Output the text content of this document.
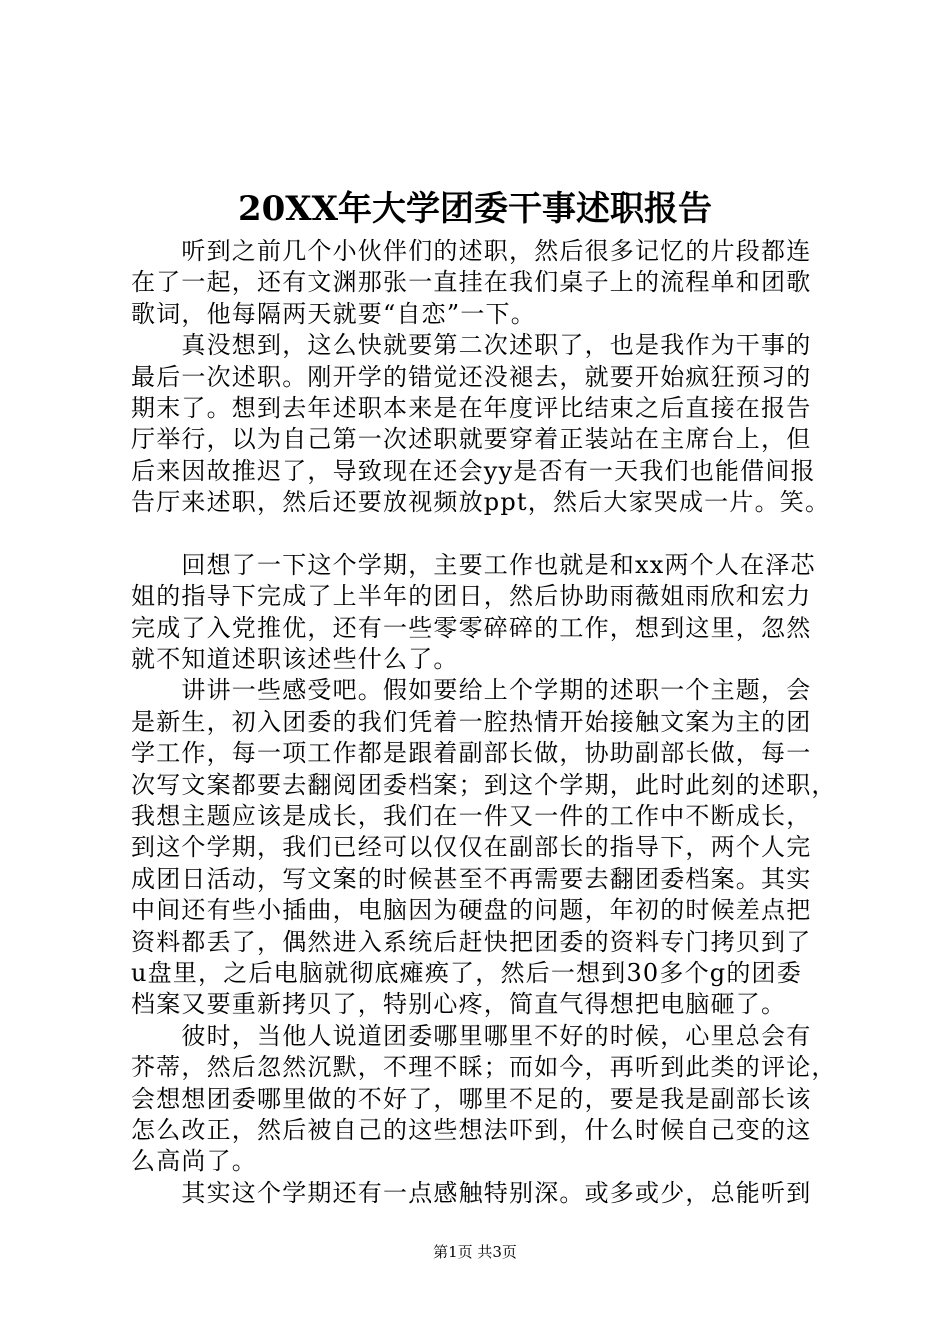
20XX年大学团委干事述职报告
　　听到之前几个小伙伴们的述职，然后很多记忆的片段都连
在了一起，还有文渊那张一直挂在我们桌子上的流程单和团歌
歌词，他每隔两天就要“自恋”一下。
　　真没想到，这么快就要第二次述职了，也是我作为干事的
最后一次述职。刚开学的错觉还没褪去，就要开始疯狂预习的
期末了。想到去年述职本来是在年度评比结束之后直接在报告
厅举行，以为自己第一次述职就要穿着正装站在主席台上，但
后来因故推迟了，导致现在还会yy是否有一天我们也能借间报
告厅来述职，然后还要放视频放ppt，然后大家哭成一片。笑。
　　回想了一下这个学期，主要工作也就是和xx两个人在泽芯
姐的指导下完成了上半年的团日，然后协助雨薇姐雨欣和宏力
完成了入党推优，还有一些零零碎碎的工作，想到这里，忽然
就不知道述职该述些什么了。
　　讲讲一些感受吧。假如要给上个学期的述职一个主题，会
是新生，初入团委的我们凭着一腔热情开始接触文案为主的团
学工作，每一项工作都是跟着副部长做，协助副部长做，每一
次写文案都要去翻阅团委档案；到这个学期，此时此刻的述职，
我想主题应该是成长，我们在一件又一件的工作中不断成长，
到这个学期，我们已经可以仅仅在副部长的指导下，两个人完
成团日活动，写文案的时候甚至不再需要去翻团委档案。其实
中间还有些小插曲，电脑因为硬盘的问题，年初的时候差点把
资料都丢了，偶然进入系统后赶快把团委的资料专门拷贝到了
u盘里，之后电脑就彻底瘫痪了，然后一想到30多个g的团委
档案又要重新拷贝了，特别心疼，简直气得想把电脑砸了。
　　彼时，当他人说道团委哪里哪里不好的时候，心里总会有
芥蒂，然后忽然沉默，不理不睬；而如今，再听到此类的评论，
会想想团委哪里做的不好了，哪里不足的，要是我是副部长该
怎么改正，然后被自己的这些想法吓到，什么时候自己变的这
么高尚了。
　　其实这个学期还有一点感触特别深。或多或少，总能听到
第1页 共3页
